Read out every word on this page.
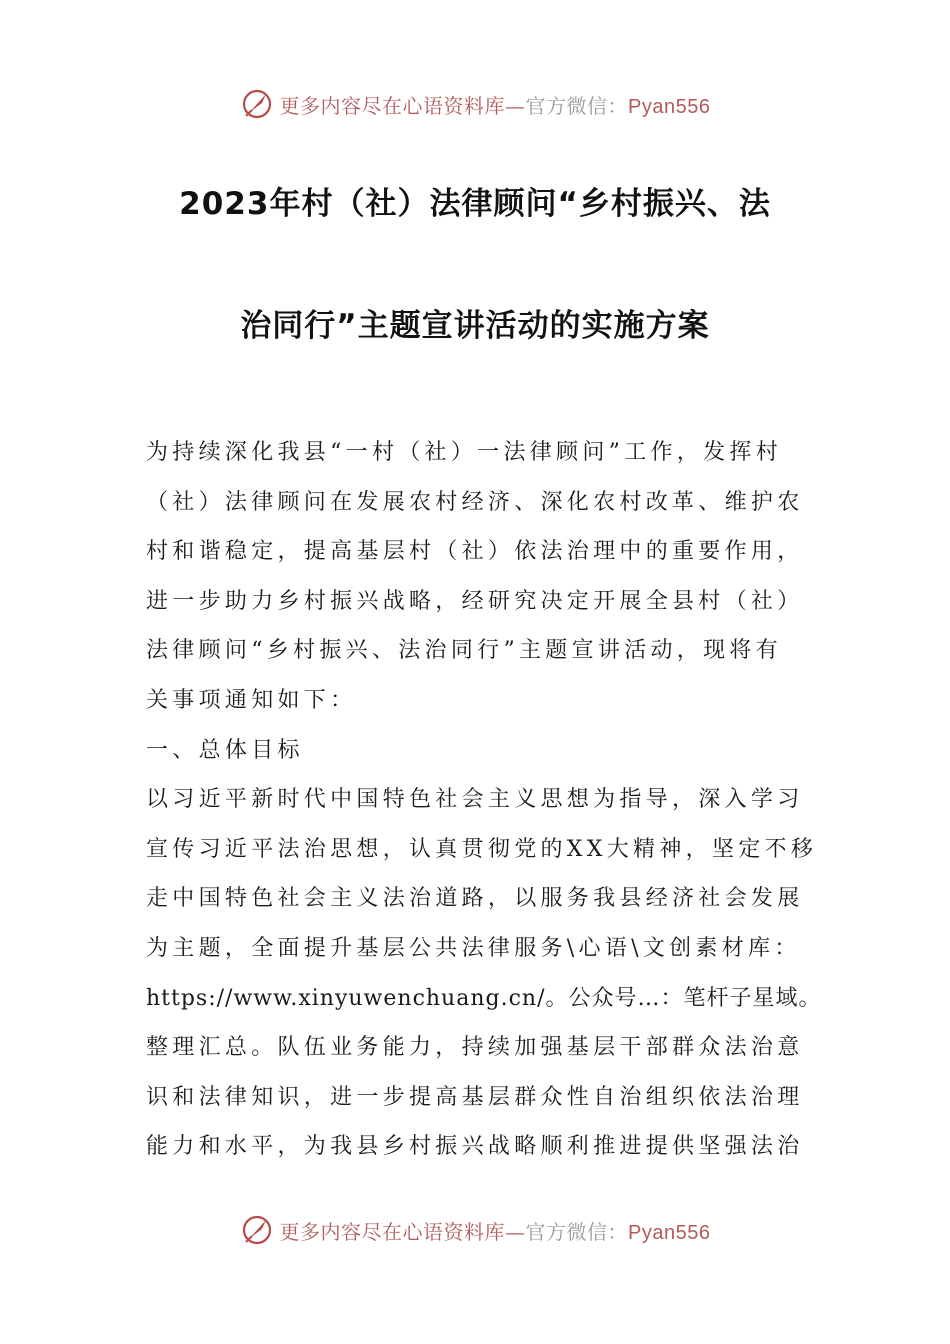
更多内容尽在心语资料库—官方微信：Pyan556
2023年村（社）法律顾问“乡村振兴、法
治同行”主题宣讲活动的实施方案
为持续深化我县“一村（社）一法律顾问”工作，发挥村
（社）法律顾问在发展农村经济、深化农村改革、维护农
村和谐稳定，提高基层村（社）依法治理中的重要作用，
进一步助力乡村振兴战略，经研究决定开展全县村（社）
法律顾问“乡村振兴、法治同行”主题宣讲活动，现将有
关事项通知如下：
一、总体目标
以习近平新时代中国特色社会主义思想为指导，深入学习
宣传习近平法治思想，认真贯彻党的XX大精神，坚定不移
走中国特色社会主义法治道路，以服务我县经济社会发展
为主题，全面提升基层公共法律服务\心语\文创素材库：
https://www.xinyuwenchuang.cn/。公众号…：笔杆子星域。
整理汇总。队伍业务能力，持续加强基层干部群众法治意
识和法律知识，进一步提高基层群众性自治组织依法治理
能力和水平，为我县乡村振兴战略顺利推进提供坚强法治
更多内容尽在心语资料库—官方微信：Pyan556
